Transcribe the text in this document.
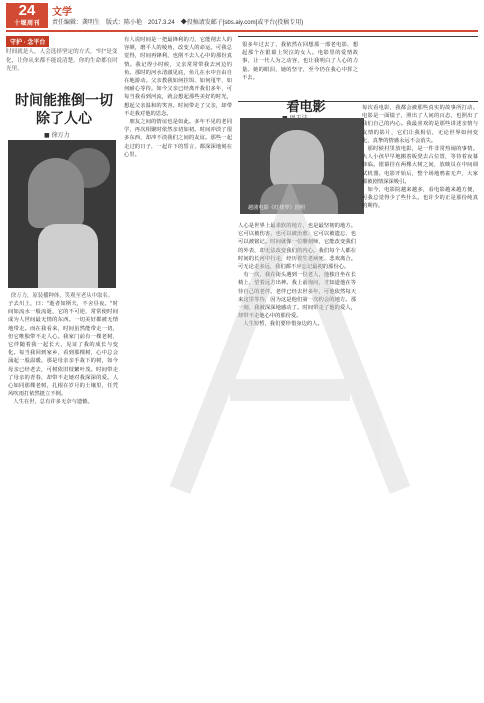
24
十堰周刊
文学
责任编辑：龚明生　版式：陈小艳　2017.3.24　◆投稿请发邮子[sbs.aiy.com]或平台(投稿专用)
守护 · 念平台
时间就是人，人会选择坚定的方式。"时"是变化，让你从来都不能说清楚，你的生命都在时光里。
时间能推倒一切除了人心
■ 徐万力
徐万力，原装播种体，笑观至老从中取名。
子去川上，曰："逝者如斯夫，不舍昼夜。"时间如流水一般流逝，它的不可逆，常常使时间成为人世间最无情的东西。一切美好都被无情地带走。而在我看来，时间虽然能带走一切，但它唯独带不走人心。我家门前有一棵老树，它伴随着我一起长大，见证了我的成长与变化。每当我回到家乡，看到那棵树，心中总会涌起一股温暖。那是母亲亲手栽下的树，如今母亲已经老去，可树依旧枝繁叶茂。时间带走了母亲的青春，却带不走她对我深深的爱。人心如同那棵老树，扎根在岁月的土壤里，任凭风吹雨打依然挺立不倒。
　人生在世，总有许多无奈与遗憾。
有人说时间是一把最锋利的刀，它能削去人的容颜，磨平人的棱角，改变人的命运。可我总觉得，时间再锋利，也削不去人心中的那份真情。我记得小时候，父亲常常带我去河边钓鱼。那时的河水清澈见底，鱼儿在水中自由自在地游动。父亲教我如何挂饵、如何甩竿、如何耐心等待。如今父亲已经离开我们多年，可每当我看到河流，就会想起那些美好的时光，想起父亲温和的笑容。时间带走了父亲，却带不走我对他的思念。
　朋友之间的情谊也是如此。多年不见的老同学，再次相聚时依然亲切如初。时间冲淡了很多东西，却冲不淡我们之间的友谊。那些一起走过的日子，一起许下的誓言，都深深地刻在心里。
人心是世界上最柔软的地方，也是最坚韧的地方。它可以被伤害，也可以被治愈；它可以被遗忘，也可以被铭记。时间就像一位雕刻师，它能改变我们的外表，却无法改变我们的内心。我们每个人都在时间的长河中行走，经历着生老病死、悲欢离合。可无论走多远，我们都不应忘记最初的那份心。
　有一次，我在街头遇到一位老人，他独自坐在长椅上，望着远方出神。我上前询问，才知道他在等待自己的老伴。老伴已经去世多年，可他依然每天来这里等待，因为这是他们第一次约会的地方。那一刻，我被深深地感动了。时间带走了他的爱人，却带不走他心中的那份爱。
　人生短暂，我们要珍惜身边的人。
很多年过去了，我依然在回想那一部老电影，想起那个在银幕上哭泣的女人。电影里的爱情故事，让一代人为之动容，也让我明白了人心的力量。她的眼泪，她的坚守，至今仍在我心中挥之不去。
看电影
越剧电影《红楼梦》剧照
每次看电影，我都会被那些真实的故事所打动。电影是一面镜子，照出了人间的百态，也照出了我们自己的内心。我最喜欢的是那些讲述亲情与友情的影片，它们让我相信，无论世界如何变化，真挚的情感永远不会消失。
　那时候村里放电影，是一件非常热闹的事情。大人小孩早早地搬着板凳去占位置，等待着夜幕降临。银幕挂在两棵大树之间，放映员在中间调试机器。电影开始后，整个场地鸦雀无声，大家都被剧情深深吸引。
　如今，电影院越来越多，看电影越来越方便，可我总觉得少了些什么。也许少的正是那份纯真的期待。
